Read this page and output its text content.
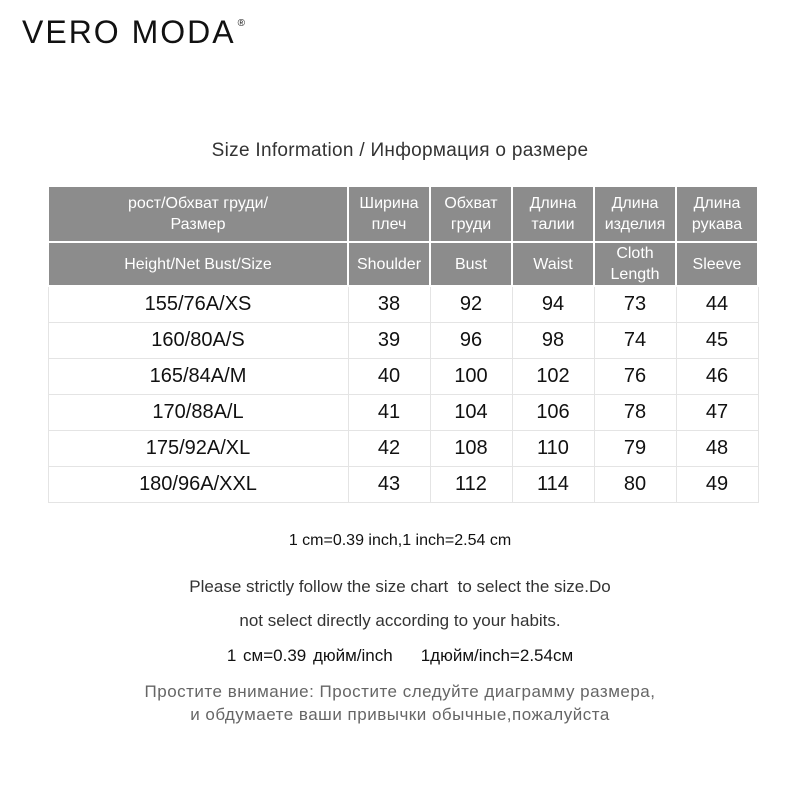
VERO MODA ®
Size Information / Информация о размере
рост/Обхват груди/Размер	Ширина плеч	Обхват груди	Длина талии	Длина изделия	Длина рукава
Height/Net Bust/Size	Shoulder	Bust	Waist	Cloth Length	Sleeve
155/76A/XS	38	92	94	73	44
160/80A/S	39	96	98	74	45
165/84A/M	40	100	102	76	46
170/88A/L	41	104	106	78	47
175/92A/XL	42	108	110	79	48
180/96A/XXL	43	112	114	80	49
1 cm=0.39 inch,1 inch=2.54 cm
Please strictly follow the size chart  to select the size.Do
not select directly according to your habits.
1 см=0.39 дюйм/inch 1дюйм/inch=2.54см
Простите внимание: Простите следуйте диаграмму размера,
и обдумаете ваши привычки обычные,пожалуйста
